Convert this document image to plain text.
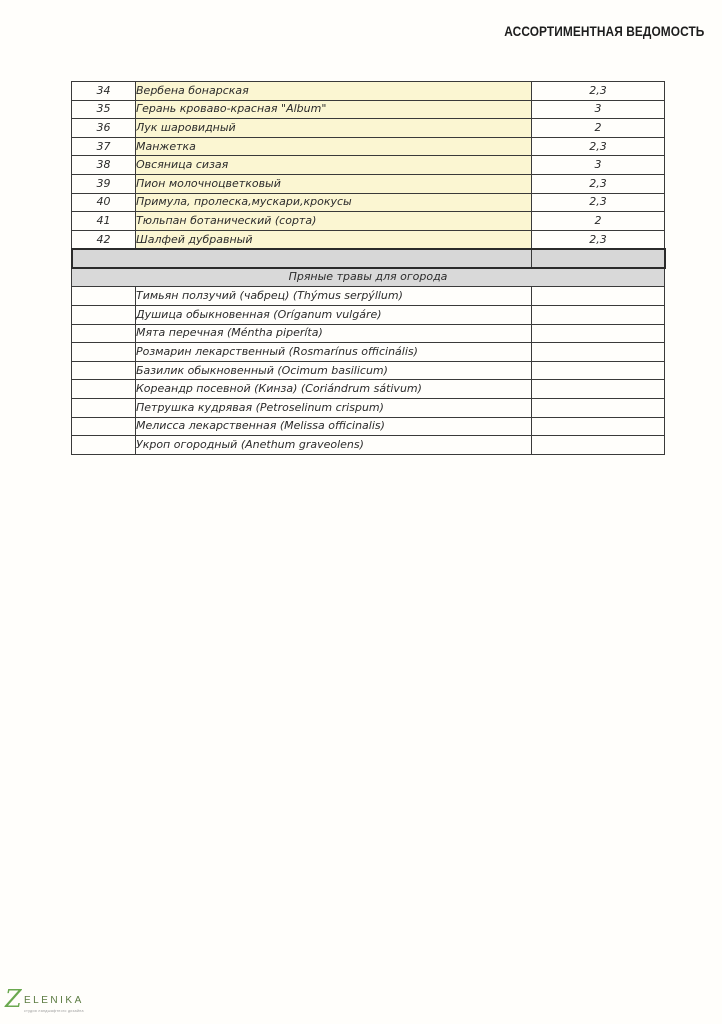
АССОРТИМЕНТНАЯ ВЕДОМОСТЬ
34	Вербена бонарская	2,3
35	Герань кроваво-красная "Album"	3
36	Лук шаровидный	2
37	Манжетка	2,3
38	Овсяница сизая	3
39	Пион молочноцветковый	2,3
40	Примула, пролеска,мускари,крокусы	2,3
41	Тюльпан ботанический (сорта)	2
42	Шалфей дубравный	2,3

Пряные травы для огорода		
	Тимьян ползучий (чабрец) (Thýmus serpýllum)	
	Душица обыкновенная (Oríganum vulgáre)	
	Мята перечная (Méntha piperíta)	
	Розмарин лекарственный (Rosmarínus officinális)	
	Базилик обыкновенный (Ocimum basilicum)	
	Кореандр посевной (Кинза) (Coriándrum sátivum)	
	Петрушка кудрявая (Petroselinum crispum)	
	Мелисса лекарственная (Melissa officinalis)	
	Укроп огородный (Anethum graveolens)	
Z ELENIKA
студия ландшафтного дизайна
